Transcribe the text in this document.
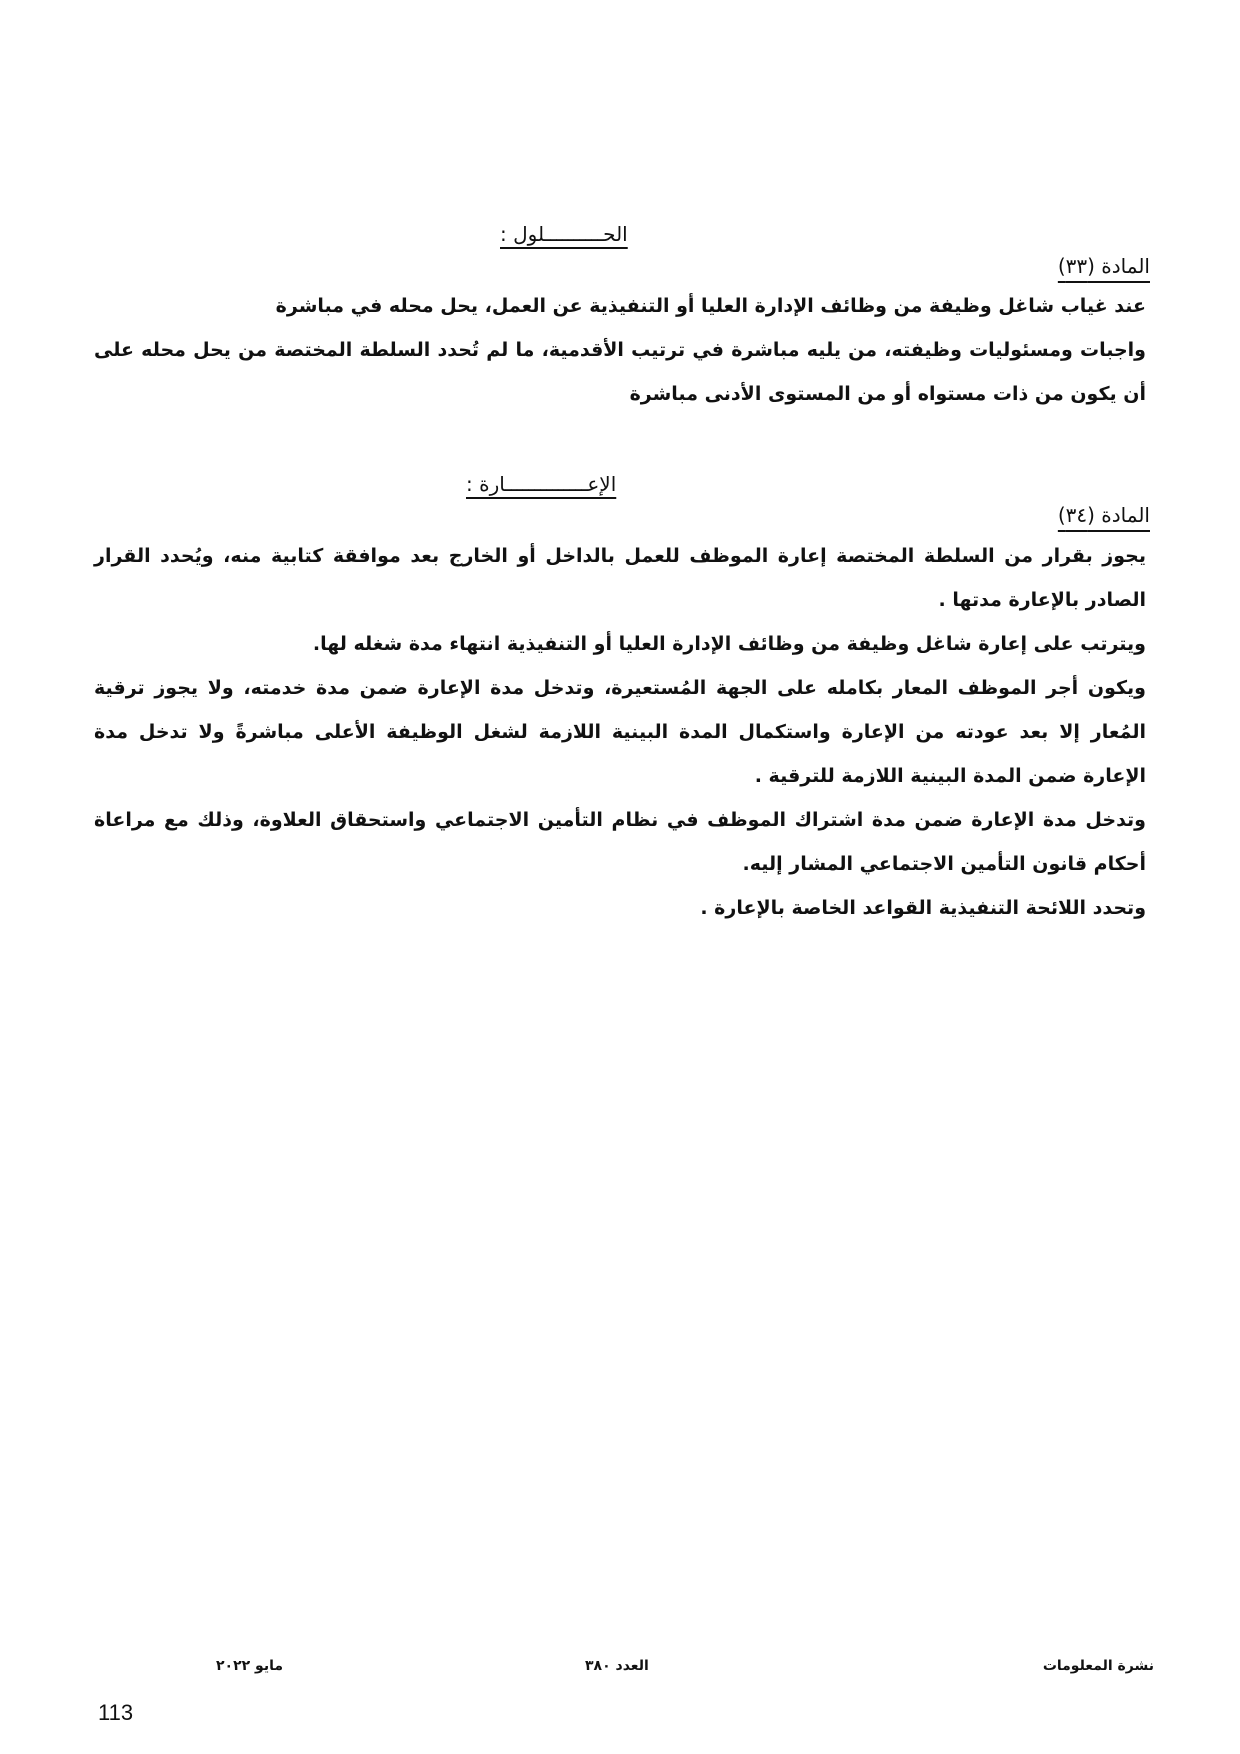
الحــــــــــلول :
المادة (٣٣)

عند غياب شاغل وظيفة من وظائف الإدارة العليا أو التنفيذية عن العمل، يحل محله في مباشرة

واجبات ومسئوليات وظيفته، من يليه مباشرة في ترتيب الأقدمية، ما لم تُحدد السلطة المختصة من يحل محله على أن يكون من ذات مستواه أو من المستوى الأدنى مباشرة

الإعــــــــــــــارة :
المادة (٣٤)

يجوز بقرار من السلطة المختصة إعارة الموظف للعمل بالداخل أو الخارج بعد موافقة كتابية منه، ويُحدد القرار الصادر بالإعارة مدتها .

ويترتب على إعارة شاغل وظيفة من وظائف الإدارة العليا أو التنفيذية انتهاء مدة شغله لها.

ويكون أجر الموظف المعار بكامله على الجهة المُستعيرة، وتدخل مدة الإعارة ضمن مدة خدمته، ولا يجوز ترقية المُعار إلا بعد عودته من الإعارة واستكمال المدة البينية اللازمة لشغل الوظيفة الأعلى مباشرةً ولا تدخل مدة الإعارة ضمن المدة البينية اللازمة للترقية .

وتدخل مدة الإعارة ضمن مدة اشتراك الموظف في نظام التأمين الاجتماعي واستحقاق العلاوة، وذلك مع مراعاة أحكام قانون التأمين الاجتماعي المشار إليه.

وتحدد اللائحة التنفيذية القواعد الخاصة بالإعارة .

نشرة المعلومات
العدد ٣٨٠
مايو ٢٠٢٢
113
